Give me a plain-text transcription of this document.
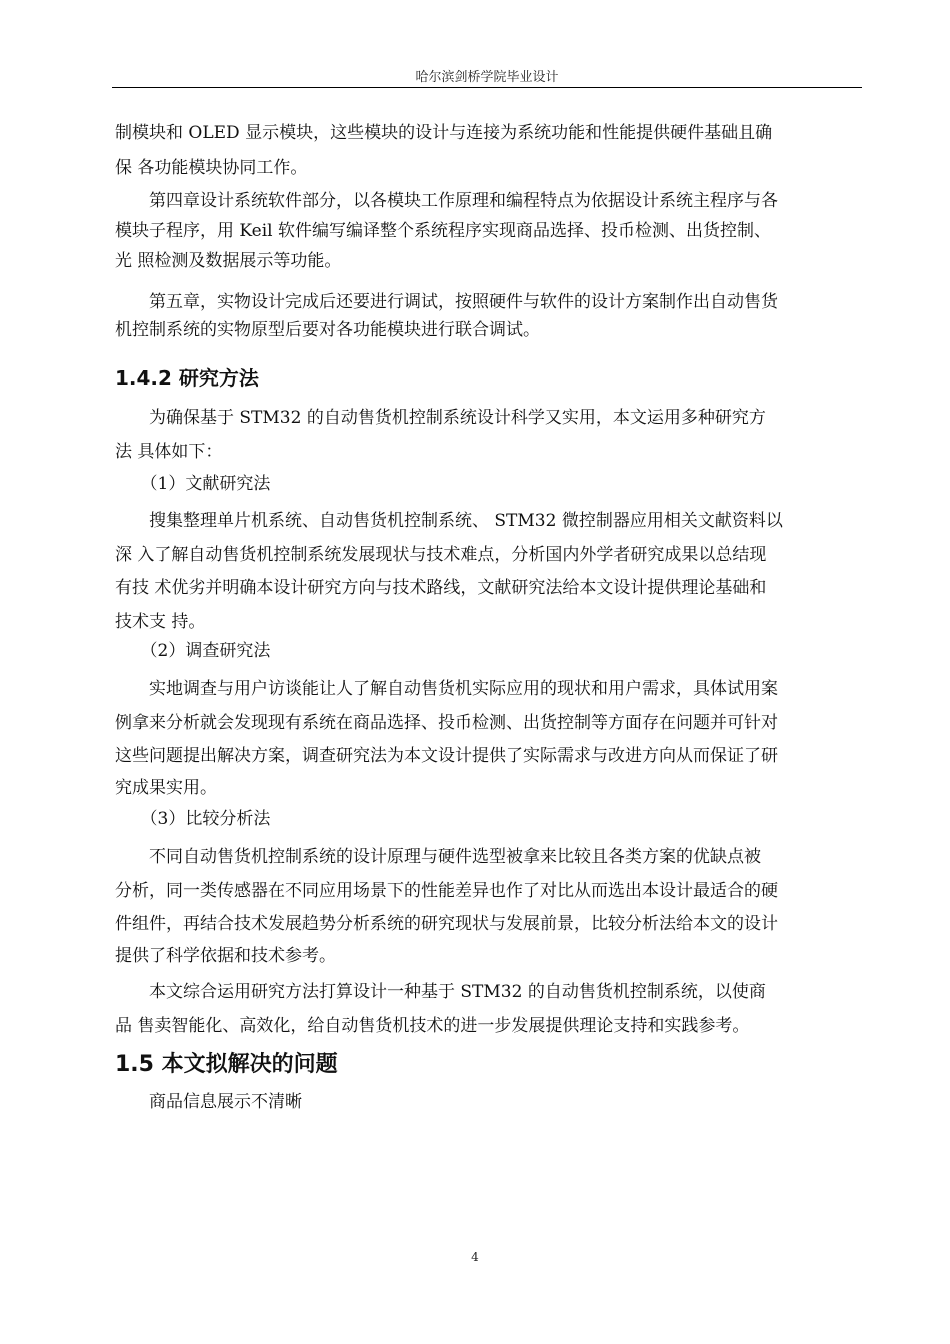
哈尔滨剑桥学院毕业设计

制模块和 OLED 显示模块，这些模块的设计与连接为系统功能和性能提供硬件基础且确

保 各功能模块协同工作。

　　第四章设计系统软件部分，以各模块工作原理和编程特点为依据设计系统主程序与各

模块子程序，用 Keil 软件编写编译整个系统程序实现商品选择、投币检测、出货控制、

光 照检测及数据展示等功能。

　　第五章，实物设计完成后还要进行调试，按照硬件与软件的设计方案制作出自动售货

机控制系统的实物原型后要对各功能模块进行联合调试。

1.4.2 研究方法

　　为确保基于 STM32 的自动售货机控制系统设计科学又实用，本文运用多种研究方

法 具体如下：

　　（1）文献研究法

　　搜集整理单片机系统、自动售货机控制系统、 STM32 微控制器应用相关文献资料以

深 入了解自动售货机控制系统发展现状与技术难点，分析国内外学者研究成果以总结现

有技 术优劣并明确本设计研究方向与技术路线，文献研究法给本文设计提供理论基础和

技术支 持。

　　（2）调查研究法

　　实地调查与用户访谈能让人了解自动售货机实际应用的现状和用户需求，具体试用案

例拿来分析就会发现现有系统在商品选择、投币检测、出货控制等方面存在问题并可针对

这些问题提出解决方案，调查研究法为本文设计提供了实际需求与改进方向从而保证了研

究成果实用。

　　（3）比较分析法

　　不同自动售货机控制系统的设计原理与硬件选型被拿来比较且各类方案的优缺点被

分析，同一类传感器在不同应用场景下的性能差异也作了对比从而选出本设计最适合的硬

件组件，再结合技术发展趋势分析系统的研究现状与发展前景，比较分析法给本文的设计

提供了科学依据和技术参考。

　　本文综合运用研究方法打算设计一种基于 STM32 的自动售货机控制系统，以使商

品 售卖智能化、高效化，给自动售货机技术的进一步发展提供理论支持和实践参考。

1.5 本文拟解决的问题

　　商品信息展示不清晰

4
